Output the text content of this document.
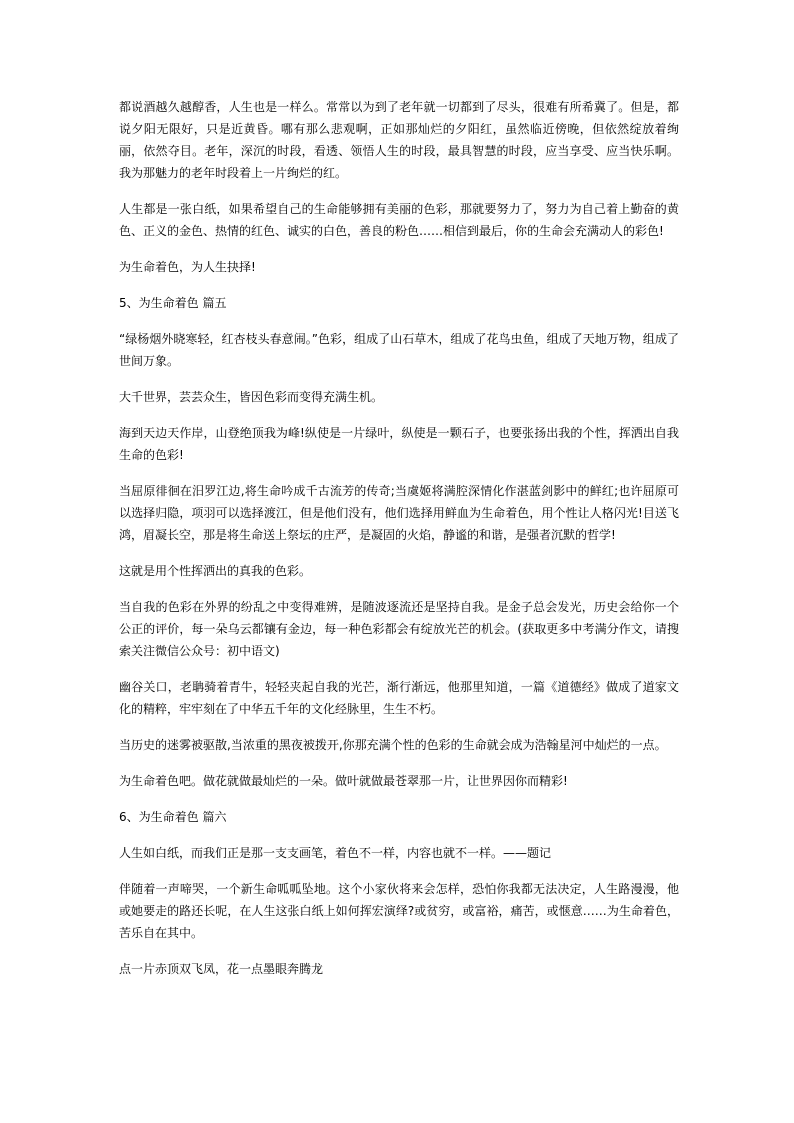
都说酒越久越醇香，人生也是一样么。常常以为到了老年就一切都到了尽头，很难有所希冀了。但是，都说夕阳无限好，只是近黄昏。哪有那么悲观啊，正如那灿烂的夕阳红，虽然临近傍晚，但依然绽放着绚丽，依然夺目。老年，深沉的时段，看透、领悟人生的时段，最具智慧的时段，应当享受、应当快乐啊。我为那魅力的老年时段着上一片绚烂的红。

人生都是一张白纸，如果希望自己的生命能够拥有美丽的色彩，那就要努力了，努力为自己着上勤奋的黄色、正义的金色、热情的红色、诚实的白色，善良的粉色……相信到最后，你的生命会充满动人的彩色!

为生命着色，为人生抉择!

5、为生命着色 篇五

“绿杨烟外晓寒轻，红杏枝头春意闹。”色彩，组成了山石草木，组成了花鸟虫鱼，组成了天地万物，组成了世间万象。

大千世界，芸芸众生，皆因色彩而变得充满生机。

海到天边天作岸，山登绝顶我为峰!纵使是一片绿叶，纵使是一颗石子，也要张扬出我的个性，挥洒出自我生命的色彩!

当屈原徘徊在汨罗江边,将生命吟成千古流芳的传奇;当虞姬将满腔深情化作湛蓝剑影中的鲜红;也许屈原可以选择归隐，项羽可以选择渡江，但是他们没有，他们选择用鲜血为生命着色，用个性让人格闪光!目送飞鸿，眉凝长空，那是将生命送上祭坛的庄严，是凝固的火焰，静谧的和谐，是强者沉默的哲学!

这就是用个性挥洒出的真我的色彩。

当自我的色彩在外界的纷乱之中变得难辨，是随波逐流还是坚持自我。是金子总会发光，历史会给你一个公正的评价，每一朵乌云都镶有金边，每一种色彩都会有绽放光芒的机会。(获取更多中考满分作文，请搜索关注微信公众号：初中语文)

幽谷关口，老聃骑着青牛，轻轻夹起自我的光芒，渐行渐远，他那里知道，一篇《道德经》做成了道家文化的精粹，牢牢刻在了中华五千年的文化经脉里，生生不朽。

当历史的迷雾被驱散,当浓重的黑夜被拨开,你那充满个性的色彩的生命就会成为浩翰星河中灿烂的一点。

为生命着色吧。做花就做最灿烂的一朵。做叶就做最苍翠那一片，让世界因你而精彩!

6、为生命着色 篇六

人生如白纸，而我们正是那一支支画笔，着色不一样，内容也就不一样。——题记

伴随着一声啼哭，一个新生命呱呱坠地。这个小家伙将来会怎样，恐怕你我都无法决定，人生路漫漫，他或她要走的路还长呢，在人生这张白纸上如何挥宏演绎?或贫穷，或富裕，痛苦，或惬意……为生命着色，苦乐自在其中。

点一片赤顶双飞凤，花一点墨眼奔腾龙
